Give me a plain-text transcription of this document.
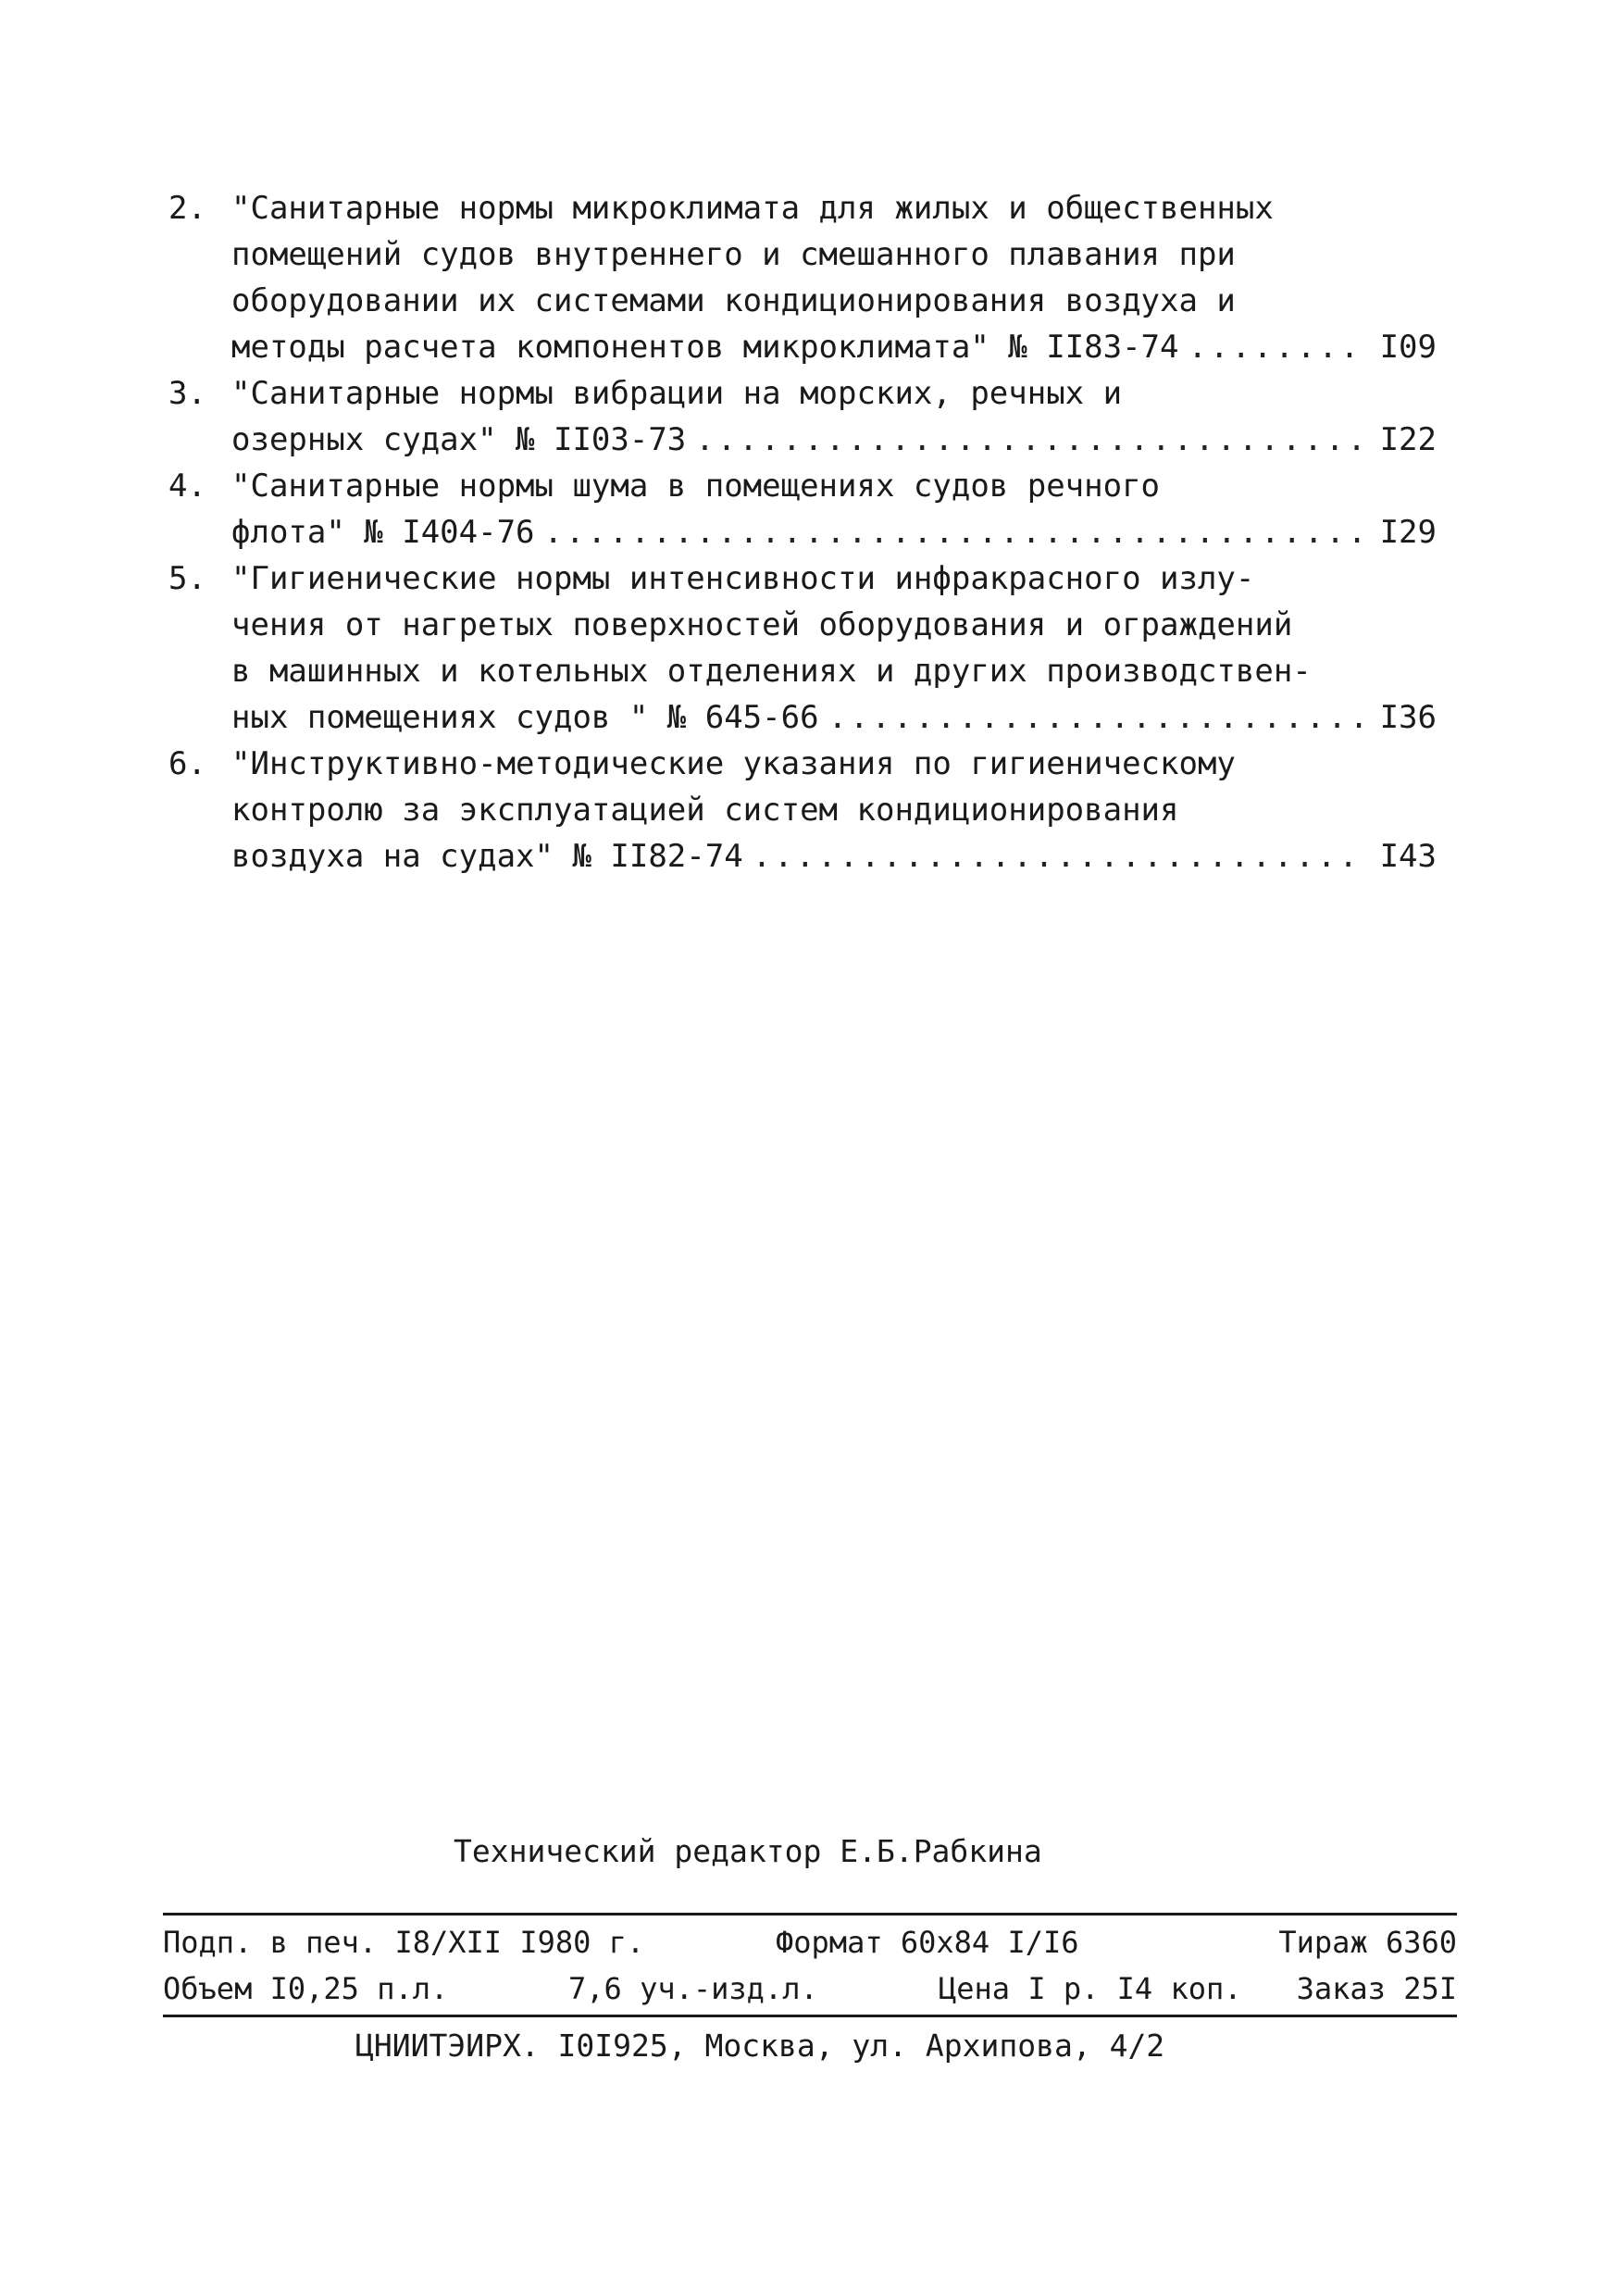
2. "Санитарные нормы микроклимата для жилых и общественных
помещений судов внутреннего и смешанного плавания при
оборудовании их системами кондиционирования воздуха и
методы расчета компонентов микроклимата" № II83-74 .....	I09
3. "Санитарные нормы вибрации на морских, речных и
озерных судах" № II03-73 .....	I22
4. "Санитарные нормы шума в помещениях судов речного
флота" № I404-76 .....	I29
5. "Гигиенические нормы интенсивности инфракрасного излу-
чения от нагретых поверхностей оборудования и ограждений
в машинных и котельных отделениях и других производствен-
ных помещениях судов " № 645-66 .....	I36
6. "Инструктивно-методические указания по гигиеническому
контролю за эксплуатацией систем кондиционирования
воздуха на судах" № II82-74 .....	I43
Технический редактор Е.Б.Рабкина
Подп. в печ. I8/XII I980 г.	Формат 60х84 I/I6	Тираж 6360
Объем I0,25 п.л.	7,6 уч.-изд.л.	Цена I р. I4 коп. Заказ 25I
ЦНИИТЭИРХ. I0I925, Москва, ул. Архипова, 4/2
